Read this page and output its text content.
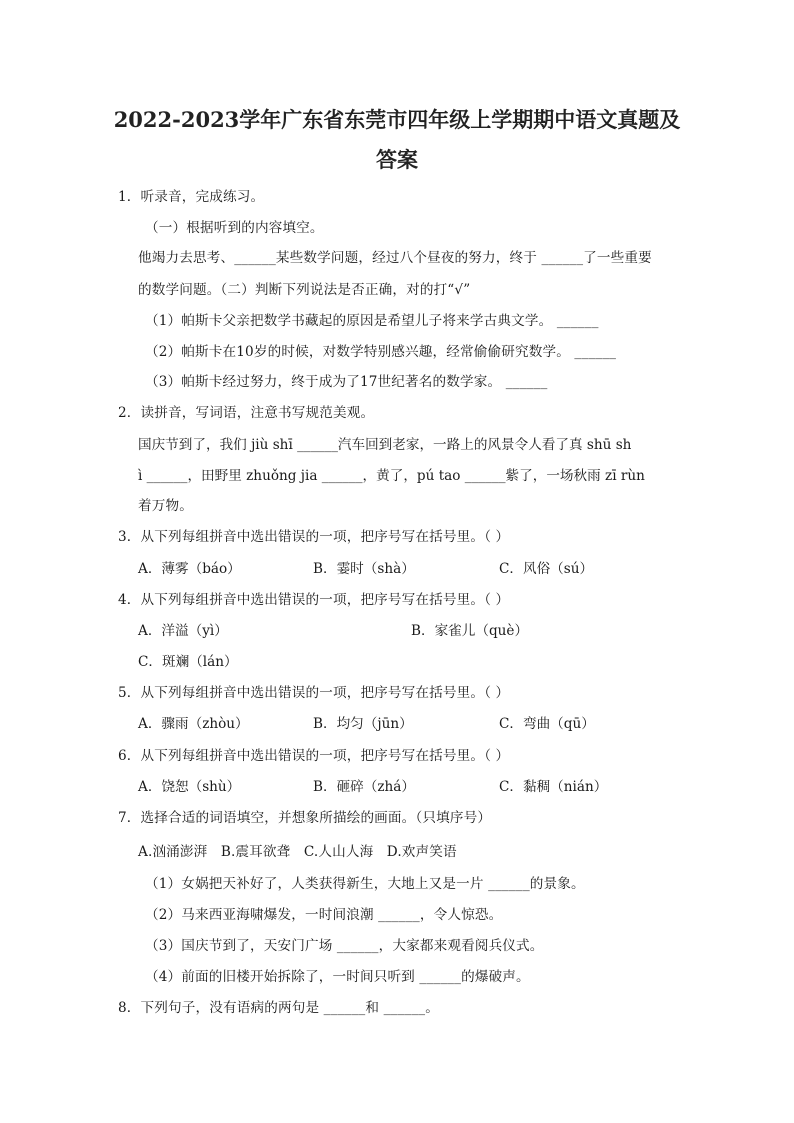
2022-2023学年广东省东莞市四年级上学期期中语文真题及
答案
1．听录音，完成练习。
（一）根据听到的内容填空。
他竭力去思考、______某些数学问题，经过八个昼夜的努力，终于 ______了一些重要
的数学问题。（二）判断下列说法是否正确，对的打“√”
（1）帕斯卡父亲把数学书藏起的原因是希望儿子将来学古典文学。 ______
（2）帕斯卡在10岁的时候，对数学特别感兴趣，经常偷偷研究数学。 ______
（3）帕斯卡经过努力，终于成为了17世纪著名的数学家。 ______
2．读拼音，写词语，注意书写规范美观。
国庆节到了，我们 jiù shī ______汽车回到老家，一路上的风景令人看了真 shū sh
ì ______，田野里 zhuǒng jia ______，黄了，pú tao ______紫了，一场秋雨 zī rùn
着万物。
3．从下列每组拼音中选出错误的一项，把序号写在括号里。（ ）
A．薄雾（báo）	B．霎时（shà）	C．风俗（sú）
4．从下列每组拼音中选出错误的一项，把序号写在括号里。（ ）
A．洋溢（yì）	B．家雀儿（què）
C．斑斓（lán）
5．从下列每组拼音中选出错误的一项，把序号写在括号里。（ ）
A．骤雨（zhòu）	B．均匀（jūn）	C．弯曲（qū）
6．从下列每组拼音中选出错误的一项，把序号写在括号里。（ ）
A．饶恕（shù）	B．砸碎（zhá）	C．黏稠（nián）
7．选择合适的词语填空，并想象所描绘的画面。（只填序号）
A.汹涌澎湃   B.震耳欲聋   C.人山人海   D.欢声笑语
（1）女娲把天补好了，人类获得新生，大地上又是一片 ______的景象。
（2）马来西亚海啸爆发，一时间浪潮 ______，令人惊恐。
（3）国庆节到了，天安门广场 ______，大家都来观看阅兵仪式。
（4）前面的旧楼开始拆除了，一时间只听到 ______的爆破声。
8．下列句子，没有语病的两句是 ______和 ______。
